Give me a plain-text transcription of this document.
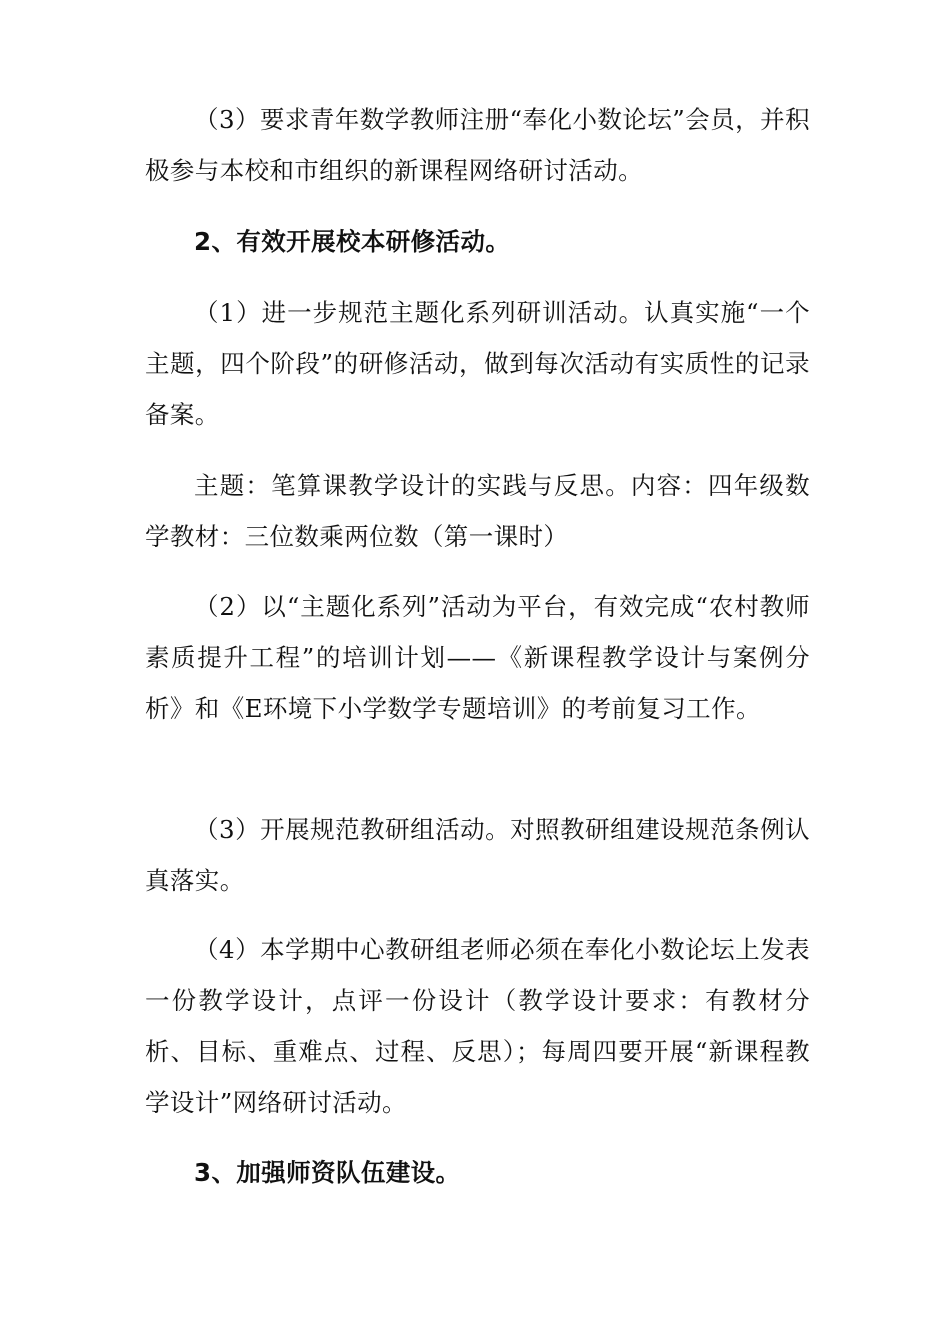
（3）要求青年数学教师注册“奉化小数论坛”会员，并积极参与本校和市组织的新课程网络研讨活动。

2、有效开展校本研修活动。

（1）进一步规范主题化系列研训活动。认真实施“一个主题，四个阶段”的研修活动，做到每次活动有实质性的记录备案。

主题：笔算课教学设计的实践与反思。内容：四年级数学教材：三位数乘两位数（第一课时）

（2）以“主题化系列”活动为平台，有效完成“农村教师素质提升工程”的培训计划——《新课程教学设计与案例分析》和《E环境下小学数学专题培训》的考前复习工作。

（3）开展规范教研组活动。对照教研组建设规范条例认真落实。

（4）本学期中心教研组老师必须在奉化小数论坛上发表一份教学设计，点评一份设计（教学设计要求：有教材分析、目标、重难点、过程、反思）；每周四要开展“新课程教学设计”网络研讨活动。

3、加强师资队伍建设。
